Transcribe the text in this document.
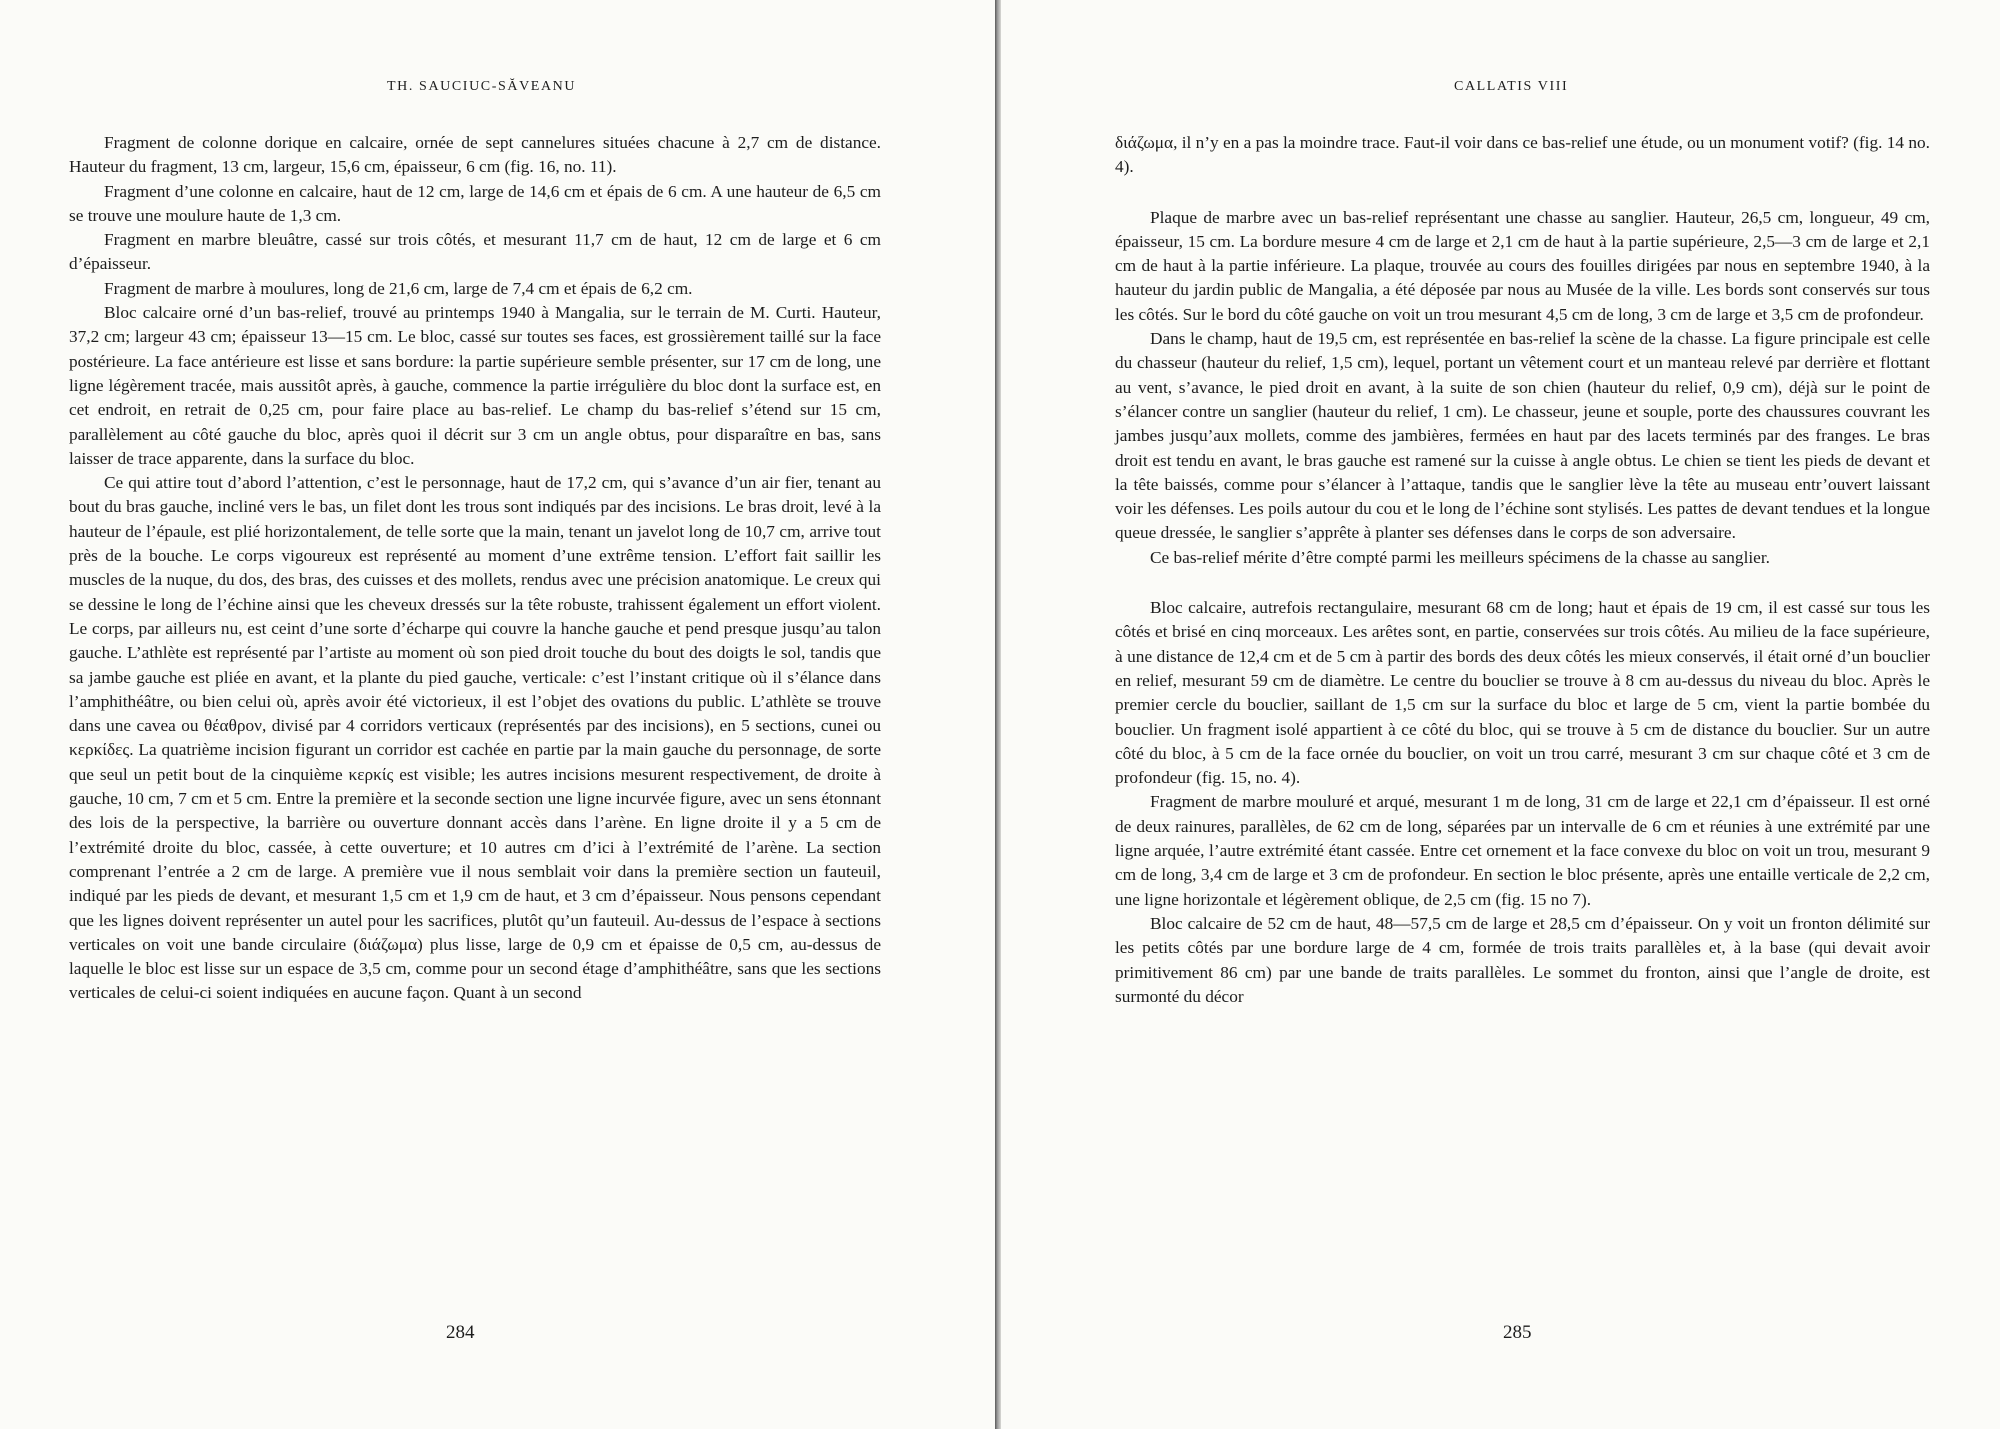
TH. SAUCIUC-SĂVEANU

Fragment de colonne dorique en calcaire, ornée de sept cannelures situées chacune à 2,7 cm de distance. Hauteur du fragment, 13 cm, largeur, 15,6 cm, épaisseur, 6 cm (fig. 16, no. 11).

Fragment d’une colonne en calcaire, haut de 12 cm, large de 14,6 cm et épais de 6 cm. A une hauteur de 6,5 cm se trouve une moulure haute de 1,3 cm.

Fragment en marbre bleuâtre, cassé sur trois côtés, et mesurant 11,7 cm de haut, 12 cm de large et 6 cm d’épaisseur.

Fragment de marbre à moulures, long de 21,6 cm, large de 7,4 cm et épais de 6,2 cm.

Bloc calcaire orné d’un bas-relief, trouvé au printemps 1940 à Mangalia, sur le terrain de M. Curti. Hauteur, 37,2 cm; largeur 43 cm; épaisseur 13—15 cm. Le bloc, cassé sur toutes ses faces, est grossièrement taillé sur la face postérieure. La face antérieure est lisse et sans bordure: la partie supérieure semble présenter, sur 17 cm de long, une ligne légèrement tracée, mais aussitôt après, à gauche, commence la partie irrégulière du bloc dont la surface est, en cet endroit, en retrait de 0,25 cm, pour faire place au bas-relief. Le champ du bas-relief s’étend sur 15 cm, parallèlement au côté gauche du bloc, après quoi il décrit sur 3 cm un angle obtus, pour disparaître en bas, sans laisser de trace apparente, dans la surface du bloc.

Ce qui attire tout d’abord l’attention, c’est le personnage, haut de 17,2 cm, qui s’avance d’un air fier, tenant au bout du bras gauche, incliné vers le bas, un filet dont les trous sont indiqués par des incisions. Le bras droit, levé à la hauteur de l’épaule, est plié horizontalement, de telle sorte que la main, tenant un javelot long de 10,7 cm, arrive tout près de la bouche. Le corps vigoureux est représenté au moment d’une extrême tension. L’effort fait saillir les muscles de la nuque, du dos, des bras, des cuisses et des mollets, rendus avec une précision anatomique. Le creux qui se dessine le long de l’échine ainsi que les cheveux dressés sur la tête robuste, trahissent également un effort violent. Le corps, par ailleurs nu, est ceint d’une sorte d’écharpe qui couvre la hanche gauche et pend presque jusqu’au talon gauche. L’athlète est représenté par l’artiste au moment où son pied droit touche du bout des doigts le sol, tandis que sa jambe gauche est pliée en avant, et la plante du pied gauche, verticale: c’est l’instant critique où il s’élance dans l’amphithéâtre, ou bien celui où, après avoir été victorieux, il est l’objet des ovations du public. L’athlète se trouve dans une cavea ou θέαθρον, divisé par 4 corridors verticaux (représentés par des incisions), en 5 sections, cunei ou κερκίδες. La quatrième incision figurant un corridor est cachée en partie par la main gauche du personnage, de sorte que seul un petit bout de la cinquième κερκίς est visible; les autres incisions mesurent respectivement, de droite à gauche, 10 cm, 7 cm et 5 cm. Entre la première et la seconde section une ligne incurvée figure, avec un sens étonnant des lois de la perspective, la barrière ou ouverture donnant accès dans l’arène. En ligne droite il y a 5 cm de l’extrémité droite du bloc, cassée, à cette ouverture; et 10 autres cm d’ici à l’extrémité de l’arène. La section comprenant l’entrée a 2 cm de large. A première vue il nous semblait voir dans la première section un fauteuil, indiqué par les pieds de devant, et mesurant 1,5 cm et 1,9 cm de haut, et 3 cm d’épaisseur. Nous pensons cependant que les lignes doivent représenter un autel pour les sacrifices, plutôt qu’un fauteuil. Au-dessus de l’espace à sections verticales on voit une bande circulaire (διάζωμα) plus lisse, large de 0,9 cm et épaisse de 0,5 cm, au-dessus de laquelle le bloc est lisse sur un espace de 3,5 cm, comme pour un second étage d’amphithéâtre, sans que les sections verticales de celui-ci soient indiquées en aucune façon. Quant à un second

284
CALLATIS VIII

διάζωμα, il n’y en a pas la moindre trace. Faut-il voir dans ce bas-relief une étude, ou un monument votif? (fig. 14 no. 4).

Plaque de marbre avec un bas-relief représentant une chasse au sanglier. Hauteur, 26,5 cm, longueur, 49 cm, épaisseur, 15 cm. La bordure mesure 4 cm de large et 2,1 cm de haut à la partie supérieure, 2,5—3 cm de large et 2,1 cm de haut à la partie inférieure. La plaque, trouvée au cours des fouilles dirigées par nous en septembre 1940, à la hauteur du jardin public de Mangalia, a été déposée par nous au Musée de la ville. Les bords sont conservés sur tous les côtés. Sur le bord du côté gauche on voit un trou mesurant 4,5 cm de long, 3 cm de large et 3,5 cm de profondeur.

Dans le champ, haut de 19,5 cm, est représentée en bas-relief la scène de la chasse. La figure principale est celle du chasseur (hauteur du relief, 1,5 cm), lequel, portant un vêtement court et un manteau relevé par derrière et flottant au vent, s’avance, le pied droit en avant, à la suite de son chien (hauteur du relief, 0,9 cm), déjà sur le point de s’élancer contre un sanglier (hauteur du relief, 1 cm). Le chasseur, jeune et souple, porte des chaussures couvrant les jambes jusqu’aux mollets, comme des jambières, fermées en haut par des lacets terminés par des franges. Le bras droit est tendu en avant, le bras gauche est ramené sur la cuisse à angle obtus. Le chien se tient les pieds de devant et la tête baissés, comme pour s’élancer à l’attaque, tandis que le sanglier lève la tête au museau entr’ouvert laissant voir les défenses. Les poils autour du cou et le long de l’échine sont stylisés. Les pattes de devant tendues et la longue queue dressée, le sanglier s’apprête à planter ses défenses dans le corps de son adversaire.

Ce bas-relief mérite d’être compté parmi les meilleurs spécimens de la chasse au sanglier.

Bloc calcaire, autrefois rectangulaire, mesurant 68 cm de long; haut et épais de 19 cm, il est cassé sur tous les côtés et brisé en cinq morceaux. Les arêtes sont, en partie, conservées sur trois côtés. Au milieu de la face supérieure, à une distance de 12,4 cm et de 5 cm à partir des bords des deux côtés les mieux conservés, il était orné d’un bouclier en relief, mesurant 59 cm de diamètre. Le centre du bouclier se trouve à 8 cm au-dessus du niveau du bloc. Après le premier cercle du bouclier, saillant de 1,5 cm sur la surface du bloc et large de 5 cm, vient la partie bombée du bouclier. Un fragment isolé appartient à ce côté du bloc, qui se trouve à 5 cm de distance du bouclier. Sur un autre côté du bloc, à 5 cm de la face ornée du bouclier, on voit un trou carré, mesurant 3 cm sur chaque côté et 3 cm de profondeur (fig. 15, no. 4).

Fragment de marbre mouluré et arqué, mesurant 1 m de long, 31 cm de large et 22,1 cm d’épaisseur. Il est orné de deux rainures, parallèles, de 62 cm de long, séparées par un intervalle de 6 cm et réunies à une extrémité par une ligne arquée, l’autre extrémité étant cassée. Entre cet ornement et la face convexe du bloc on voit un trou, mesurant 9 cm de long, 3,4 cm de large et 3 cm de profondeur. En section le bloc présente, après une entaille verticale de 2,2 cm, une ligne horizontale et légèrement oblique, de 2,5 cm (fig. 15 no 7).

Bloc calcaire de 52 cm de haut, 48—57,5 cm de large et 28,5 cm d’épaisseur. On y voit un fronton délimité sur les petits côtés par une bordure large de 4 cm, formée de trois traits parallèles et, à la base (qui devait avoir primitivement 86 cm) par une bande de traits parallèles. Le sommet du fronton, ainsi que l’angle de droite, est surmonté du décor

285
